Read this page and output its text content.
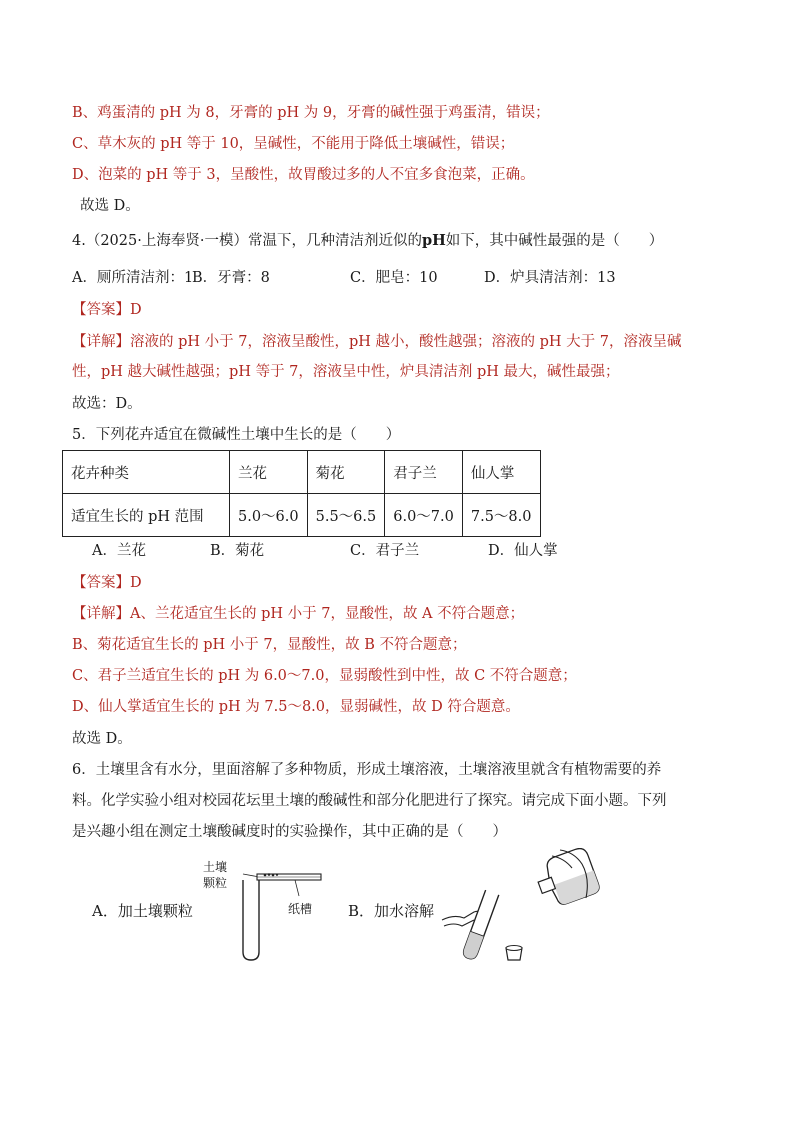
B、鸡蛋清的 pH 为 8，牙膏的 pH 为 9，牙膏的碱性强于鸡蛋清，错误；
C、草木灰的 pH 等于 10，呈碱性，不能用于降低土壤碱性，错误；
D、泡菜的 pH 等于 3，呈酸性，故胃酸过多的人不宜多食泡菜，正确。
故选 D。
4.（2025·上海奉贤·一模）常温下，几种清洁剂近似的pH如下，其中碱性最强的是（　　）
A．厕所清洁剂：1
B．牙膏：8	C．肥皂：10	D．炉具清洁剂：13
【答案】D
【详解】溶液的 pH 小于 7，溶液呈酸性，pH 越小，酸性越强；溶液的 pH 大于 7，溶液呈碱
性，pH 越大碱性越强；pH 等于 7，溶液呈中性，炉具清洁剂 pH 最大，碱性最强；
故选：D。
5．下列花卉适宜在微碱性土壤中生长的是（　　）
花卉种类	兰花	菊花	君子兰	仙人掌
适宜生长的 pH 范围	5.0～6.0	5.5～6.5	6.0～7.0	7.5～8.0
A．兰花	B．菊花	C．君子兰	D．仙人掌
【答案】D
【详解】A、兰花适宜生长的 pH 小于 7，显酸性，故 A 不符合题意；
B、菊花适宜生长的 pH 小于 7，显酸性，故 B 不符合题意；
C、君子兰适宜生长的 pH 为 6.0～7.0，显弱酸性到中性，故 C 不符合题意；
D、仙人掌适宜生长的 pH 为 7.5～8.0，显弱碱性，故 D 符合题意。
故选 D。
6．土壤里含有水分，里面溶解了多种物质，形成土壤溶液，土壤溶液里就含有植物需要的养
料。化学实验小组对校园花坛里土壤的酸碱性和部分化肥进行了探究。请完成下面小题。下列
是兴趣小组在测定土壤酸碱度时的实验操作，其中正确的是（　　）
A．加土壤颗粒
土壤
颗粒
纸槽 B．加水溶解
